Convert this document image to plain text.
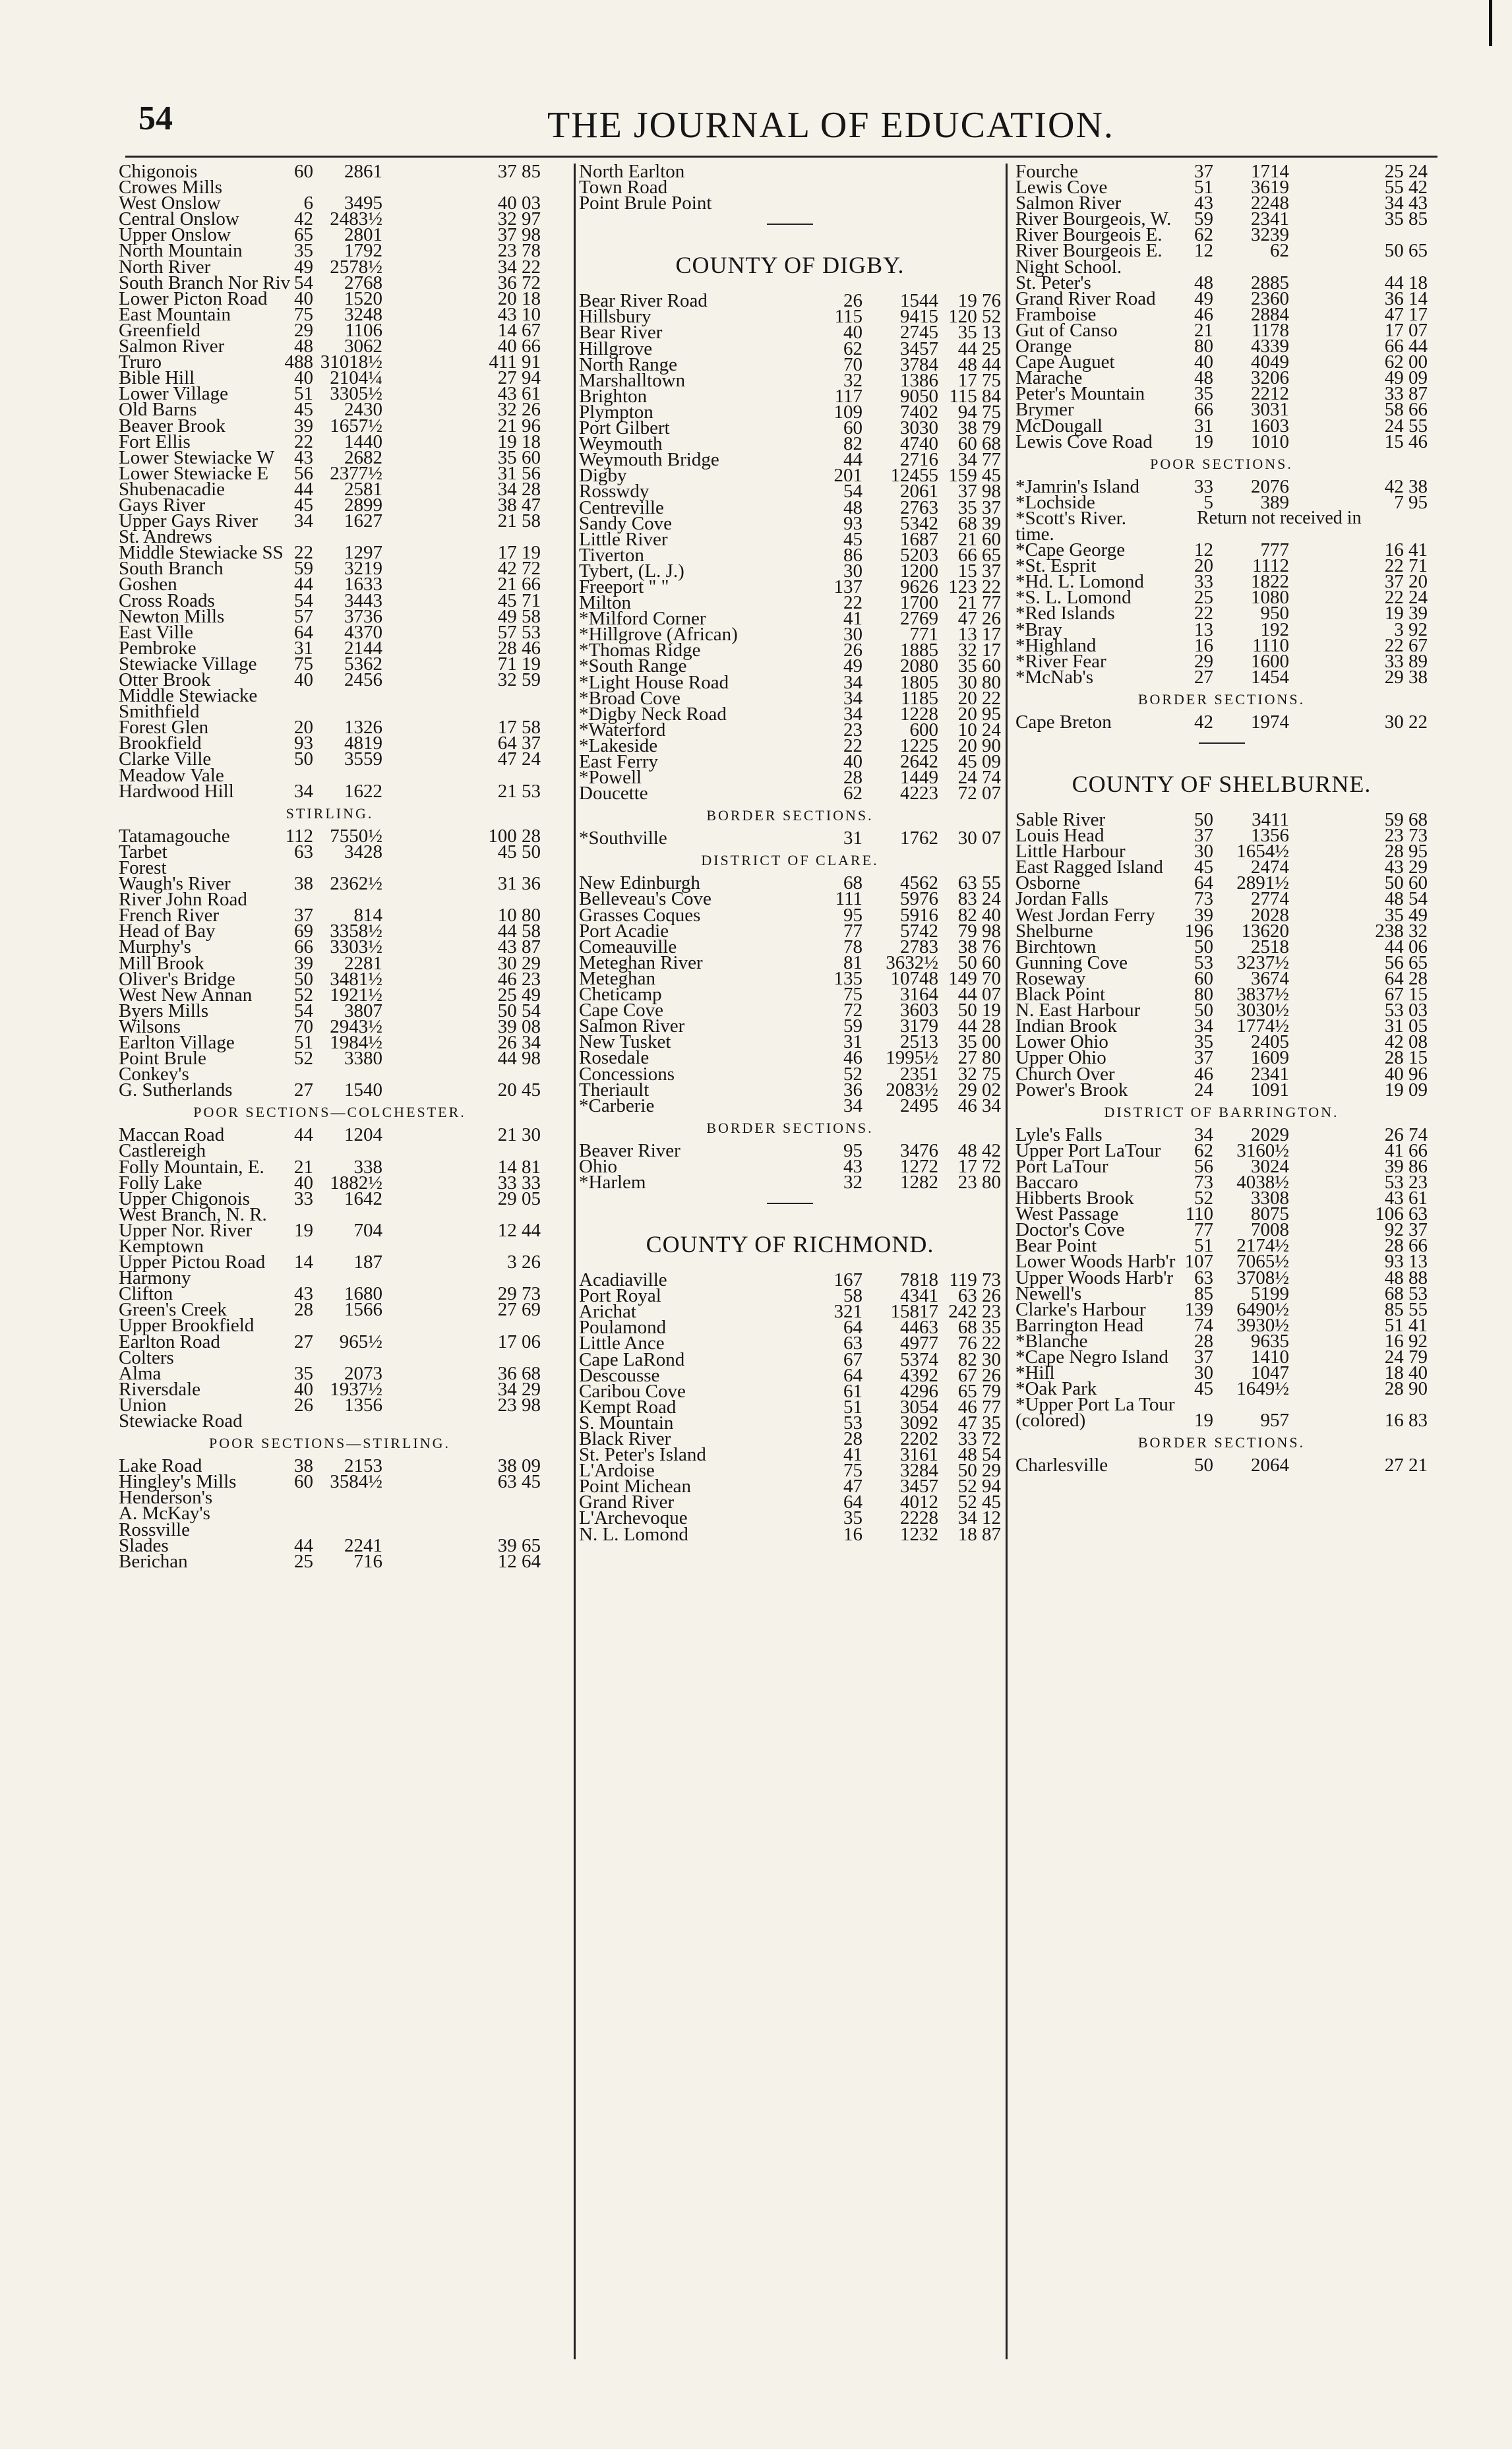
54	THE JOURNAL OF EDUCATION.
Chigonois	60 2861	37 85
Crowes Mills
West Onslow	6 3495	40 03
Central Onslow	42 2483½	32 97
Upper Onslow	65 2801	37 98
North Mountain	35 1792	23 78
North River	49 2578½	34 22
South Branch Nor Riv 54 2768	36 72
Lower Picton Road 40 1520	20 18
East Mountain	75 3248	43 10
Greenfield	29 1106	14 67
Salmon River	48 3062	40 66
Truro	488 31018½	411 91
Bible Hill	40 2104¼	27 94
Lower Village	51 3305½	43 61
Old Barns	45 2430	32 26
Beaver Brook	39 1657½	21 96
Fort Ellis	22 1440	19 18
Lower Stewiacke W 43 2682	35 60
Lower Stewiacke E 56 2377½	31 56
Shubenacadie	44 2581	34 28
Gays River	45 2899	38 47
Upper Gays River 34 1627	21 58
St. Andrews
Middle Stewiacke SS 22 1297	17 19
South Branch	59 3219	42 72
Goshen	44 1633	21 66
Cross Roads	54 3443	45 71
Newton Mills	57 3736	49 58
East Ville	64 4370	57 53
Pembroke	31 2144	28 46
Stewiacke Village 75 5362	71 19
Otter Brook	40 2456	32 59
Middle Stewiacke
Smithfield
Forest Glen	20 1326	17 58
Brookfield	93 4819	64 37
Clarke Ville	50 3559	47 24
Meadow Vale
Hardwood Hill	34 1622	21 53
STIRLING.
Tatamagouche	112 7550½	100 28
Tarbet	63 3428	45 50
Forest
Waugh's River	38 2362½	31 36
River John Road
French River	37 814	10 80
Head of Bay	69 3358½	44 58
Murphy's	66 3303½	43 87
Mill Brook	39 2281	30 29
Oliver's Bridge	50 3481½	46 23
West New Annan 52 1921½	25 49
Byers Mills	54 3807	50 54
Wilsons	70 2943½	39 08
Earlton Village	51 1984½	26 34
Point Brule	52 3380	44 98
Conkey's
G. Sutherlands	27 1540	20 45
POOR SECTIONS—COLCHESTER.
Maccan Road	44 1204	21 30
Castlereigh
Folly Mountain, E. 21 338	14 81
Folly Lake	40 1882½	33 33
Upper Chigonois 33 1642	29 05
West Branch, N. R.
Upper Nor. River 19 704	12 44
Kemptown
Upper Pictou Road 14 187	3 26
Harmony
Clifton	43 1680	29 73
Green's Creek	28 1566	27 69
Upper Brookfield
Earlton Road	27 965½	17 06
Colters
Alma	35 2073	36 68
Riversdale	40 1937½	34 29
Union	26 1356	23 98
Stewiacke Road
POOR SECTIONS—STIRLING.
Lake Road	38 2153	38 09
Hingley's Mills	60 3584½	63 45
Henderson's
A. McKay's
Rossville
Slades	44 2241	39 65
Berichan	25 716	12 64
North Earlton
Town Road
Point Brule Point
COUNTY OF DIGBY.
Bear River Road	26 1544 19 76
Hillsbury	115 9415 120 52
Bear River	40 2745 35 13
Hillgrove	62 3457 44 25
North Range	70 3784 48 44
Marshalltown	32 1386 17 75
Brighton	117 9050 115 84
Plympton	109 7402 94 75
Port Gilbert	60 3030 38 79
Weymouth	82 4740 60 68
Weymouth Bridge	44 2716 34 77
Digby	201 12455 159 45
Rosswdy	54 2061 37 98
Centreville	48 2763 35 37
Sandy Cove	93 5342 68 39
Little River	45 1687 21 60
Tiverton	86 5203 66 65
Tybert, (L. J.)	30 1200 15 37
Freeport " "	137 9626 123 22
Milton	22 1700 21 77
*Milford Corner	41 2769 47 26
*Hillgrove (African)	30 771 13 17
*Thomas Ridge	26 1885 32 17
*South Range	49 2080 35 60
*Light House Road	34 1805 30 80
*Broad Cove	34 1185 20 22
*Digby Neck Road	34 1228 20 95
*Waterford	23 600 10 24
*Lakeside	22 1225 20 90
East Ferry	40 2642 45 09
*Powell	28 1449 24 74
Doucette	62 4223 72 07
BORDER SECTIONS.
*Southville	31 1762 30 07
DISTRICT OF CLARE.
New Edinburgh	68 4562 63 55
Belleveau's Cove	111 5976 83 24
Grasses Coques	95 5916 82 40
Port Acadie	77 5742 79 98
Comeauville	78 2783 38 76
Meteghan River	81 3632½ 50 60
Meteghan	135 10748 149 70
Cheticamp	75 3164 44 07
Cape Cove	72 3603 50 19
Salmon River	59 3179 44 28
New Tusket	31 2513 35 00
Rosedale	46 1995½ 27 80
Concessions	52 2351 32 75
Theriault	36 2083½ 29 02
*Carberie	34 2495 46 34
BORDER SECTIONS.
Beaver River	95 3476 48 42
Ohio	43 1272 17 72
*Harlem	32 1282 23 80
COUNTY OF RICHMOND.
Acadiaville	167 7818 119 73
Port Royal	58 4341 63 26
Arichat	321 15817 242 23
Poulamond	64 4463 68 35
Little Ance	63 4977 76 22
Cape LaRond	67 5374 82 30
Descousse	64 4392 67 26
Caribou Cove	61 4296 65 79
Kempt Road	51 3054 46 77
S. Mountain	53 3092 47 35
Black River	28 2202 33 72
St. Peter's Island	41 3161 48 54
L'Ardoise	75 3284 50 29
Point Michean	47 3457 52 94
Grand River	64 4012 52 45
L'Archevoque	35 2228 34 12
N. L. Lomond	16 1232 18 87
Fourche	37 1714	25 24
Lewis Cove	51 3619	55 42
Salmon River	43 2248	34 43
River Bourgeois, W. 59 2341	35 85
River Bourgeois E. 62 3239
River Bourgeois E. 12	62	50 65
Night School.
St. Peter's	48 2885	44 18
Grand River Road 49 2360	36 14
Framboise	46 2884	47 17
Gut of Canso	21 1178	17 07
Orange	80 4339	66 44
Cape Auguet	40 4049	62 00
Marache	48 3206	49 09
Peter's Mountain	35 2212	33 87
Brymer	66 3031	58 66
McDougall	31 1603	24 55
Lewis Cove Road 19 1010	15 46
POOR SECTIONS.
*Jamrin's Island	33 2076	42 38
*Lochside	5 389	7 95
*Scott's River.	Return not received in
time.
*Cape George	12 777	16 41
*St. Esprit	20 1112	22 71
*Hd. L. Lomond	33 1822	37 20
*S. L. Lomond	25 1080	22 24
*Red Islands	22 950	19 39
*Bray	13 192	3 92
*Highland	16 1110	22 67
*River Fear	29 1600	33 89
*McNab's	27 1454	29 38
BORDER SECTIONS.
Cape Breton	42 1974	30 22
COUNTY OF SHELBURNE.
Sable River	50 3411	59 68
Louis Head	37 1356	23 73
Little Harbour	30 1654½	28 95
East Ragged Island 45 2474	43 29
Osborne	64 2891½	50 60
Jordan Falls	73 2774	48 54
West Jordan Ferry 39 2028	35 49
Shelburne	196 13620	238 32
Birchtown	50 2518	44 06
Gunning Cove	53 3237½	56 65
Roseway	60 3674	64 28
Black Point	80 3837½	67 15
N. East Harbour	50 3030½	53 03
Indian Brook	34 1774½	31 05
Lower Ohio	35 2405	42 08
Upper Ohio	37 1609	28 15
Church Over	46 2341	40 96
Power's Brook	24 1091	19 09
DISTRICT OF BARRINGTON.
Lyle's Falls	34 2029	26 74
Upper Port LaTour 62 3160½	41 66
Port LaTour	56 3024	39 86
Baccaro	73 4038½	53 23
Hibberts Brook	52 3308	43 61
West Passage	110 8075	106 63
Doctor's Cove	77 7008	92 37
Bear Point	51 2174½	28 66
Lower Woods Harb'r 107 7065½	93 13
Upper Woods Harb'r 63 3708½	48 88
Newell's	85 5199	68 53
Clarke's Harbour 139 6490½	85 55
Barrington Head	74 3930½	51 41
*Blanche	28 9635	16 92
*Cape Negro Island 37 1410	24 79
*Hill	30 1047	18 40
*Oak Park	45 1649½	28 90
*Upper Port La Tour
(colored)	19 957	16 83
BORDER SECTIONS.
Charlesville	50 2064	27 21
